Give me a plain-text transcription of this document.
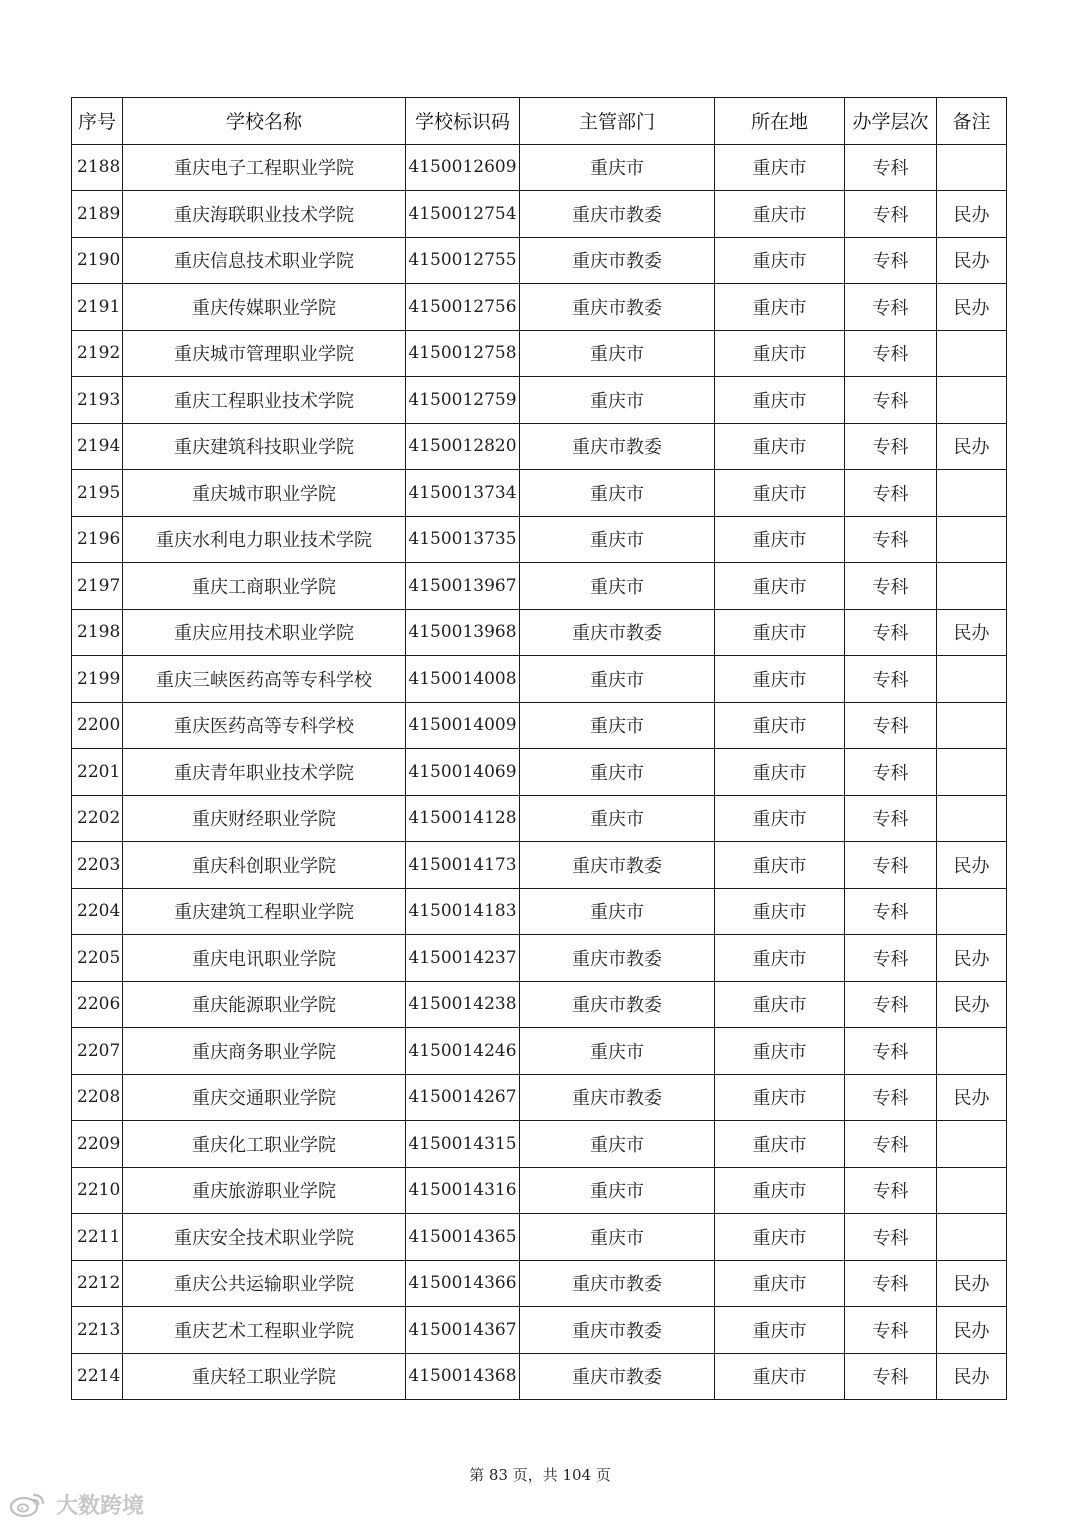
序号	学校名称	学校标识码	主管部门	所在地	办学层次	备注
2188	重庆电子工程职业学院	4150012609	重庆市	重庆市	专科	
2189	重庆海联职业技术学院	4150012754	重庆市教委	重庆市	专科	民办
2190	重庆信息技术职业学院	4150012755	重庆市教委	重庆市	专科	民办
2191	重庆传媒职业学院	4150012756	重庆市教委	重庆市	专科	民办
2192	重庆城市管理职业学院	4150012758	重庆市	重庆市	专科	
2193	重庆工程职业技术学院	4150012759	重庆市	重庆市	专科	
2194	重庆建筑科技职业学院	4150012820	重庆市教委	重庆市	专科	民办
2195	重庆城市职业学院	4150013734	重庆市	重庆市	专科	
2196	重庆水利电力职业技术学院	4150013735	重庆市	重庆市	专科	
2197	重庆工商职业学院	4150013967	重庆市	重庆市	专科	
2198	重庆应用技术职业学院	4150013968	重庆市教委	重庆市	专科	民办
2199	重庆三峡医药高等专科学校	4150014008	重庆市	重庆市	专科	
2200	重庆医药高等专科学校	4150014009	重庆市	重庆市	专科	
2201	重庆青年职业技术学院	4150014069	重庆市	重庆市	专科	
2202	重庆财经职业学院	4150014128	重庆市	重庆市	专科	
2203	重庆科创职业学院	4150014173	重庆市教委	重庆市	专科	民办
2204	重庆建筑工程职业学院	4150014183	重庆市	重庆市	专科	
2205	重庆电讯职业学院	4150014237	重庆市教委	重庆市	专科	民办
2206	重庆能源职业学院	4150014238	重庆市教委	重庆市	专科	民办
2207	重庆商务职业学院	4150014246	重庆市	重庆市	专科	
2208	重庆交通职业学院	4150014267	重庆市教委	重庆市	专科	民办
2209	重庆化工职业学院	4150014315	重庆市	重庆市	专科	
2210	重庆旅游职业学院	4150014316	重庆市	重庆市	专科	
2211	重庆安全技术职业学院	4150014365	重庆市	重庆市	专科	
2212	重庆公共运输职业学院	4150014366	重庆市教委	重庆市	专科	民办
2213	重庆艺术工程职业学院	4150014367	重庆市教委	重庆市	专科	民办
2214	重庆轻工职业学院	4150014368	重庆市教委	重庆市	专科	民办
第 83 页，共 104 页
大数跨境
